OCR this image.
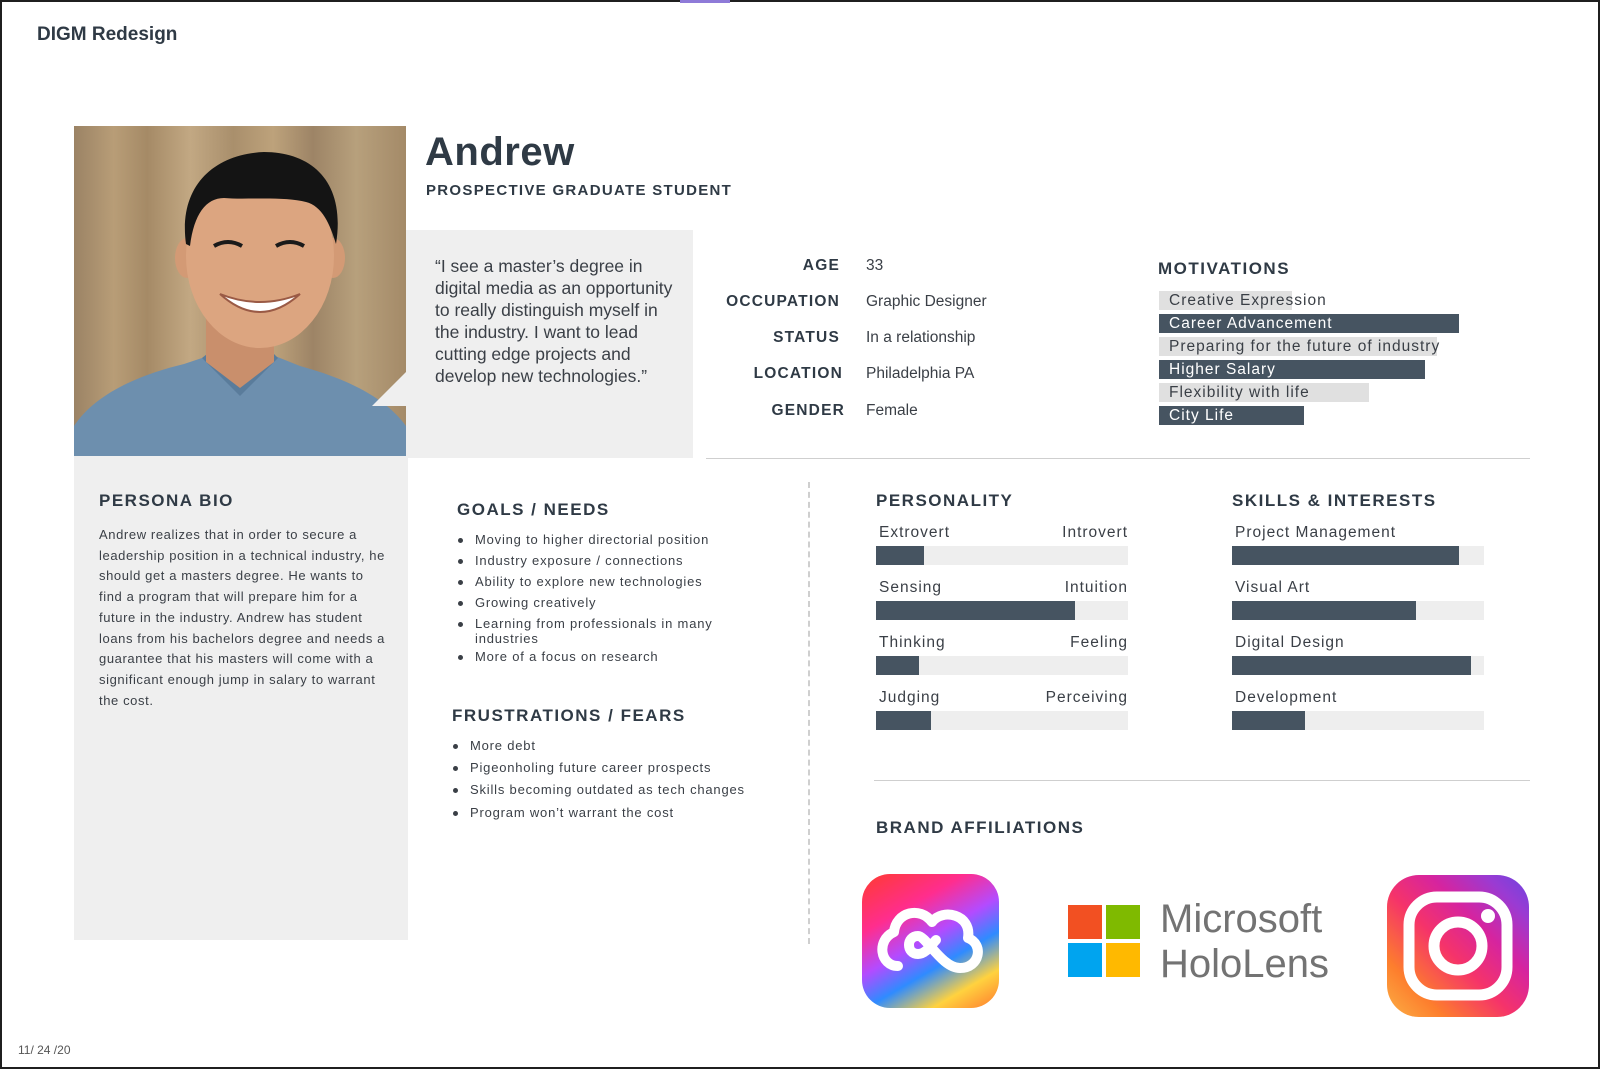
DIGM Redesign
Andrew
PROSPECTIVE GRADUATE STUDENT
“I see a master’s degree in digital media as an opportunity to really distinguish myself in the industry. I want to lead cutting edge projects and develop new technologies.”
AGE 33
OCCUPATION Graphic Designer
STATUS In a relationship
LOCATION Philadelphia PA
GENDER Female
MOTIVATIONS
Creative Expression
Career Advancement
Preparing for the future of industry
Higher Salary
Flexibility with life
City Life
PERSONA BIO
Andrew realizes that in order to secure a leadership position in a technical industry, he should get a masters degree. He wants to find a program that will prepare him for a future in the industry. Andrew has student loans from his bachelors degree and needs a guarantee that his masters will come with a significant enough jump in salary to warrant the cost.
GOALS / NEEDS
Moving to higher directorial position
Industry exposure / connections
Ability to explore new technologies
Growing creatively
Learning from professionals in many industries
More of a focus on research
FRUSTRATIONS / FEARS
More debt
Pigeonholing future career prospects
Skills becoming outdated as tech changes
Program won’t warrant the cost
PERSONALITY
Extrovert	Introvert
Sensing	Intuition
Thinking	Feeling
Judging	Perceiving
SKILLS & INTERESTS
Project Management
Visual Art
Digital Design
Development
BRAND AFFILIATIONS
Microsoft
HoloLens
11/ 24 /20
